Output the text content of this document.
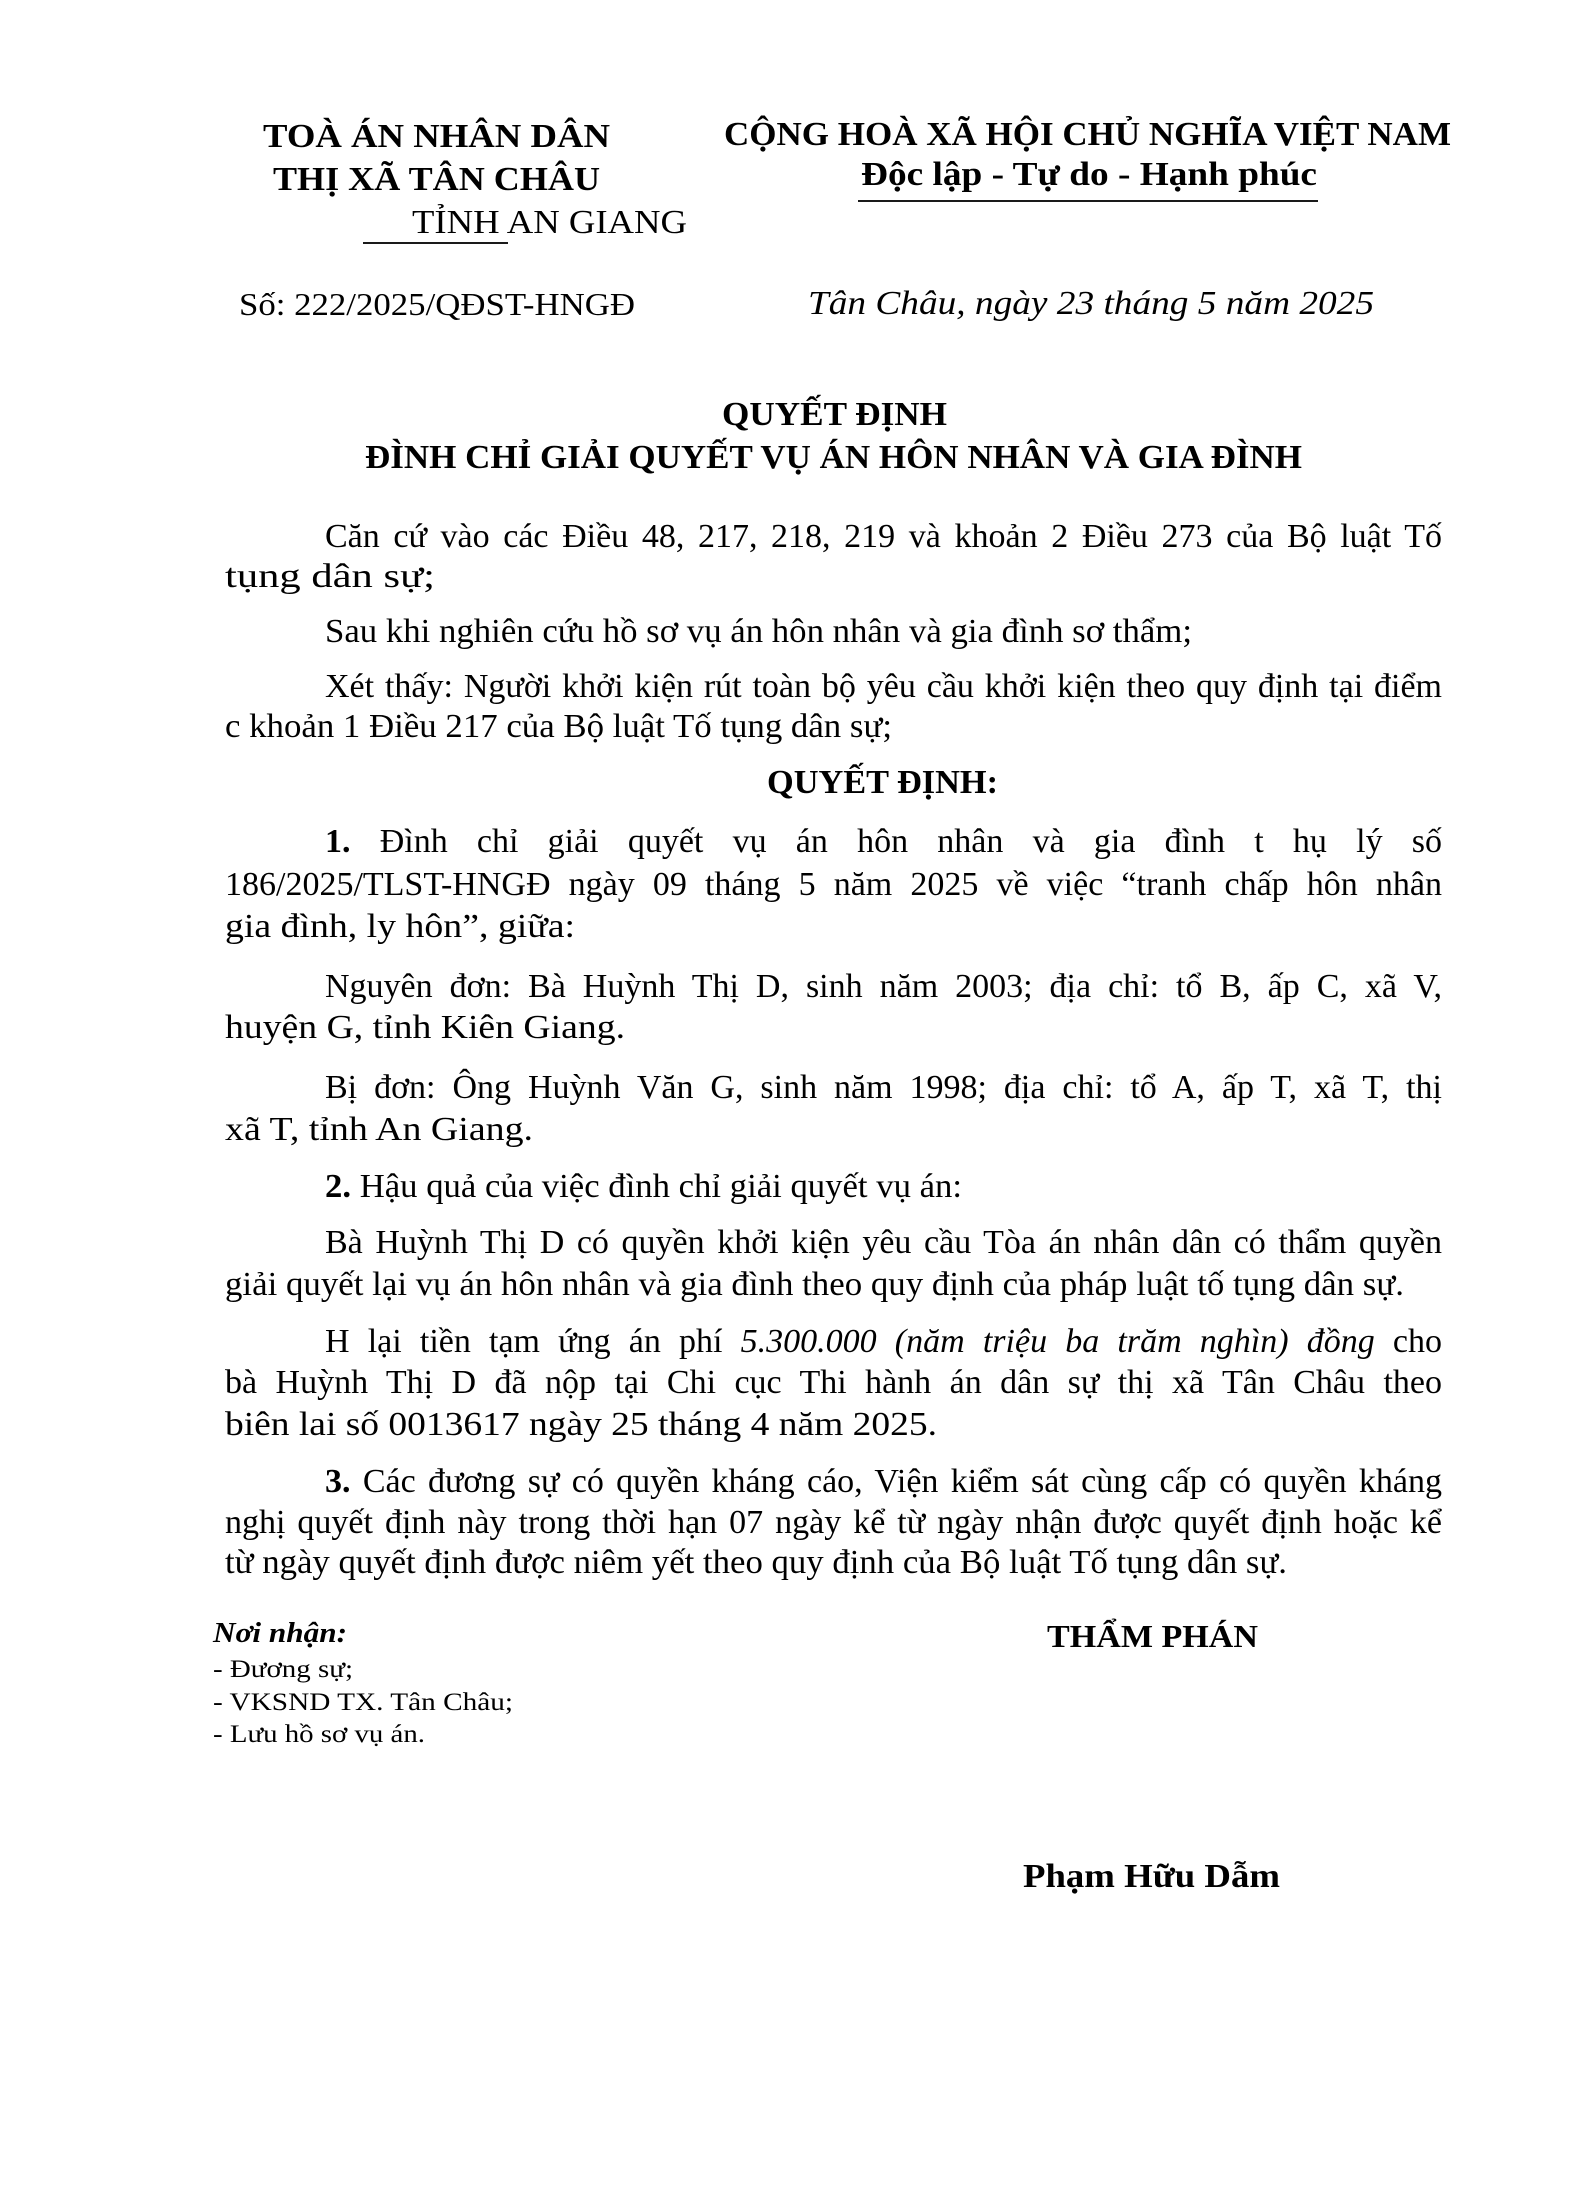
TOÀ ÁN NHÂN DÂN
THỊ XÃ TÂN CHÂU
TỈNH AN GIANG
CỘNG HOÀ XÃ HỘI CHỦ NGHĨA VIỆT NAM
Độc lập - Tự do - Hạnh phúc
Số: 222/2025/QĐST-HNGĐ	Tân Châu, ngày 23 tháng 5 năm 2025
QUYẾT ĐỊNH
ĐÌNH CHỈ GIẢI QUYẾT VỤ ÁN HÔN NHÂN VÀ GIA ĐÌNH
Căn cứ vào các Điều 48, 217, 218, 219 và khoản 2 Điều 273 của Bộ luật Tố
tụng dân sự;
Sau khi nghiên cứu hồ sơ vụ án hôn nhân và gia đình sơ thẩm;
Xét thấy: Người khởi kiện rút toàn bộ yêu cầu khởi kiện theo quy định tại điểm
c khoản 1 Điều 217 của Bộ luật Tố tụng dân sự;
QUYẾT ĐỊNH:
1. Đình chỉ giải quyết vụ án hôn nhân và gia đình t hụ lý số
186/2025/TLST-HNGĐ ngày 09 tháng 5 năm 2025 về việc “tranh chấp hôn nhân
gia đình, ly hôn”, giữa:
Nguyên đơn: Bà Huỳnh Thị D, sinh năm 2003; địa chỉ: tổ B, ấp C, xã V,
huyện G, tỉnh Kiên Giang.
Bị đơn: Ông Huỳnh Văn G, sinh năm 1998; địa chỉ: tổ A, ấp T, xã T, thị
xã T, tỉnh An Giang.
2. Hậu quả của việc đình chỉ giải quyết vụ án:
Bà Huỳnh Thị D có quyền khởi kiện yêu cầu Tòa án nhân dân có thẩm quyền
giải quyết lại vụ án hôn nhân và gia đình theo quy định của pháp luật tố tụng dân sự.
H lại tiền tạm ứng án phí 5.300.000 (năm triệu ba trăm nghìn) đồng cho
bà Huỳnh Thị D đã nộp tại Chi cục Thi hành án dân sự thị xã Tân Châu theo
biên lai số 0013617 ngày 25 tháng 4 năm 2025.
3. Các đương sự có quyền kháng cáo, Viện kiểm sát cùng cấp có quyền kháng
nghị quyết định này trong thời hạn 07 ngày kể từ ngày nhận được quyết định hoặc kể
từ ngày quyết định được niêm yết theo quy định của Bộ luật Tố tụng dân sự.
Nơi nhận:
- Đương sự;
- VKSND TX. Tân Châu;
- Lưu hồ sơ vụ án.
THẨM PHÁN
Phạm Hữu Dẫm
